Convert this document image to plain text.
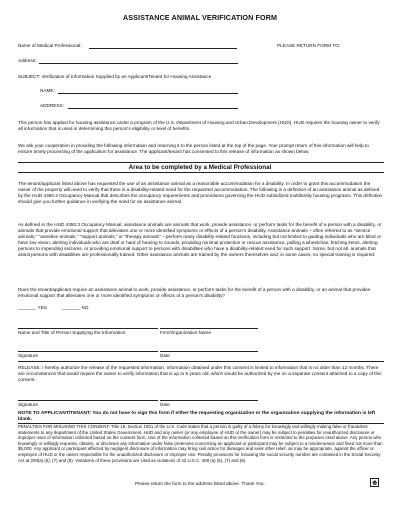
ASSISTANCE ANIMAL VERIFICATION FORM
Name of Medical Professional:	PLEASE RETURN FORM TO:
Address:
SUBJECT: Verification of Information Supplied by an Applicant/Tenant for Housing Assistance
NAME:
ADDRESS:
This person has applied for housing assistance under a program of the U.S. Department of Housing and Urban Development (HUD). HUD requires the housing owner to verify all information that is used in determining this person's eligibility or level of benefits.
We ask your cooperation in providing the following information and returning it to the person listed at the top of the page. Your prompt return of this information will help to ensure timely processing of the application for assistance. The applicant/tenant has consented to this release of information as shown below.
Area to be completed by a Medical Professional
The tenant/applicant listed above has requested the use of an assistance animal as a reasonable accommodation for a disability. In order to grant this accommodation the owner of the property will need to verify that there is a disability-related need for the requested accommodation. The following is a definition of an assistance animal as defined by the HUD 4350.3 Occupancy Manual that describes the occupancy requirements and procedures governing the HUD subsidized multifamily housing programs. This definition should give you further guidance in verifying the need for an assistance animal.
As defined in the HUD 4350.3 Occupancy Manual, assistance animals are animals that work, provide assistance, or perform tasks for the benefit of a person with a disability, or animals that provide emotional support that alleviates one or more identified symptoms or effects of a person's disability. Assistance animals – often referred to as "service animals," "assistive animals," "support animals," or "therapy animals" – perform many disability-related functions, including but not limited to guiding individuals who are blind or have low vision, alerting individuals who are deaf or hard of hearing to sounds, providing minimal protection or rescue assistance, pulling a wheelchair, fetching items, alerting persons to impending seizures, or providing emotional support to persons with disabilities who have a disability-related need for such support. Some, but not all, animals that assist persons with disabilities are professionally trained. Other assistance animals are trained by the owners themselves and, in some cases, no special training is required.
Does the tenant/applicant require an assistance animal to work, provide assistance, or perform tasks for the benefit of a person with a disability, or an animal that provides emotional support that alleviates one or more identified symptoms or effects of a person's disability?
_______ YES	_______ NO
Name and Title of Person Supplying the Information	Firm/Organization Name
Signature	Date
RELEASE: I hereby authorize the release of the requested information. Information obtained under this consent is limited to information that is no older than 12 months. There are circumstances that would require the owner to verify information that is up to 5 years old, which would be authorized by me on a separate consent attached to a copy of this consent.
Signature	Date
NOTE TO APPLICANT/TENANT: You do not have to sign this form if either the requesting organization or the organization supplying the information is left blank.
PENALTIES FOR MISUSING THIS CONSENT: Title 18, Section 1001 of the U.S. Code states that a person is guilty of a felony for knowingly and willingly making false or fraudulent statements to any department of the United States Government. HUD and any owner (or any employee of HUD or the owner) may be subject to penalties for unauthorized disclosure or improper uses of information collected based on the consent form. Use of the information collected based on this verification form is restricted to the purposes cited above. Any person who knowingly or willingly requests, obtains, or discloses any information under false pretenses concerning an applicant or participant may be subject to a misdemeanor and fined not more than $5,000. Any applicant or participant affected by negligent disclosure of information may bring civil action for damages and seek other relief, as may be appropriate, against the officer or employee of HUD or the owner responsible for the unauthorized disclosure or improper use. Penalty provisions for misusing the social security number are contained in the Social Security Act at 208(a) (6), (7) and (8). Violations of these provisions are cited as violations of 42 U.S.C. 408 (a) (6), (7) and (8).
Please return the form to the address listed above. Thank You.
